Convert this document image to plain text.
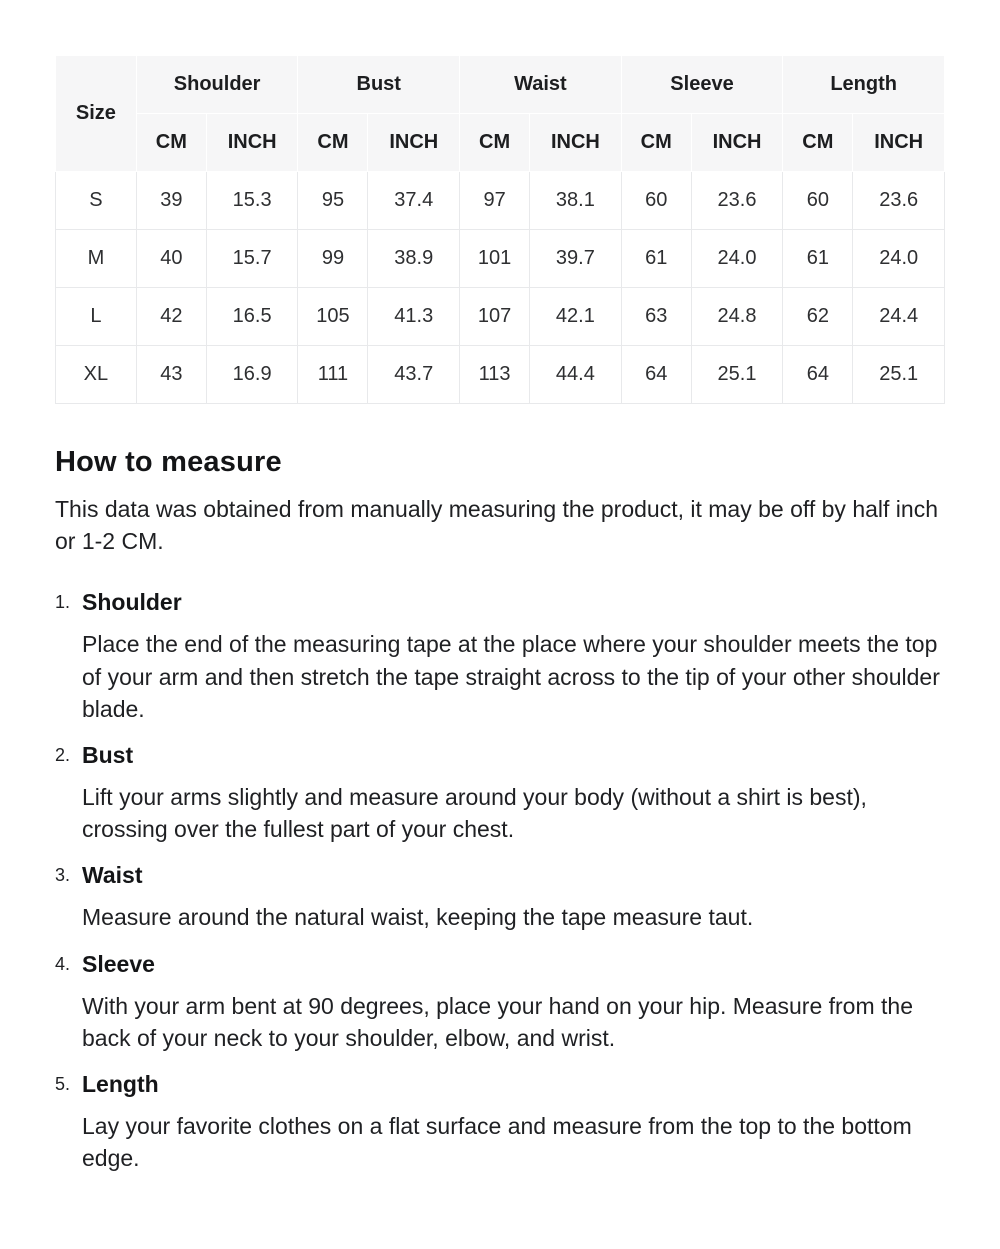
Size	Shoulder		Bust		Waist		Sleeve		Length	
	CM	INCH	CM	INCH	CM	INCH	CM	INCH	CM	INCH
S	39	15.3	95	37.4	97	38.1	60	23.6	60	23.6
M	40	15.7	99	38.9	101	39.7	61	24.0	61	24.0
L	42	16.5	105	41.3	107	42.1	63	24.8	62	24.4
XL	43	16.9	111	43.7	113	44.4	64	25.1	64	25.1
How to measure

This data was obtained from manually measuring the product, it may be off by half inch or 1-2 CM.

1. Shoulder

Place the end of the measuring tape at the place where your shoulder meets the top of your arm and then stretch the tape straight across to the tip of your other shoulder blade.

2. Bust

Lift your arms slightly and measure around your body (without a shirt is best), crossing over the fullest part of your chest.

3. Waist

Measure around the natural waist, keeping the tape measure taut.

4. Sleeve

With your arm bent at 90 degrees, place your hand on your hip. Measure from the back of your neck to your shoulder, elbow, and wrist.

5. Length

Lay your favorite clothes on a flat surface and measure from the top to the bottom edge.
